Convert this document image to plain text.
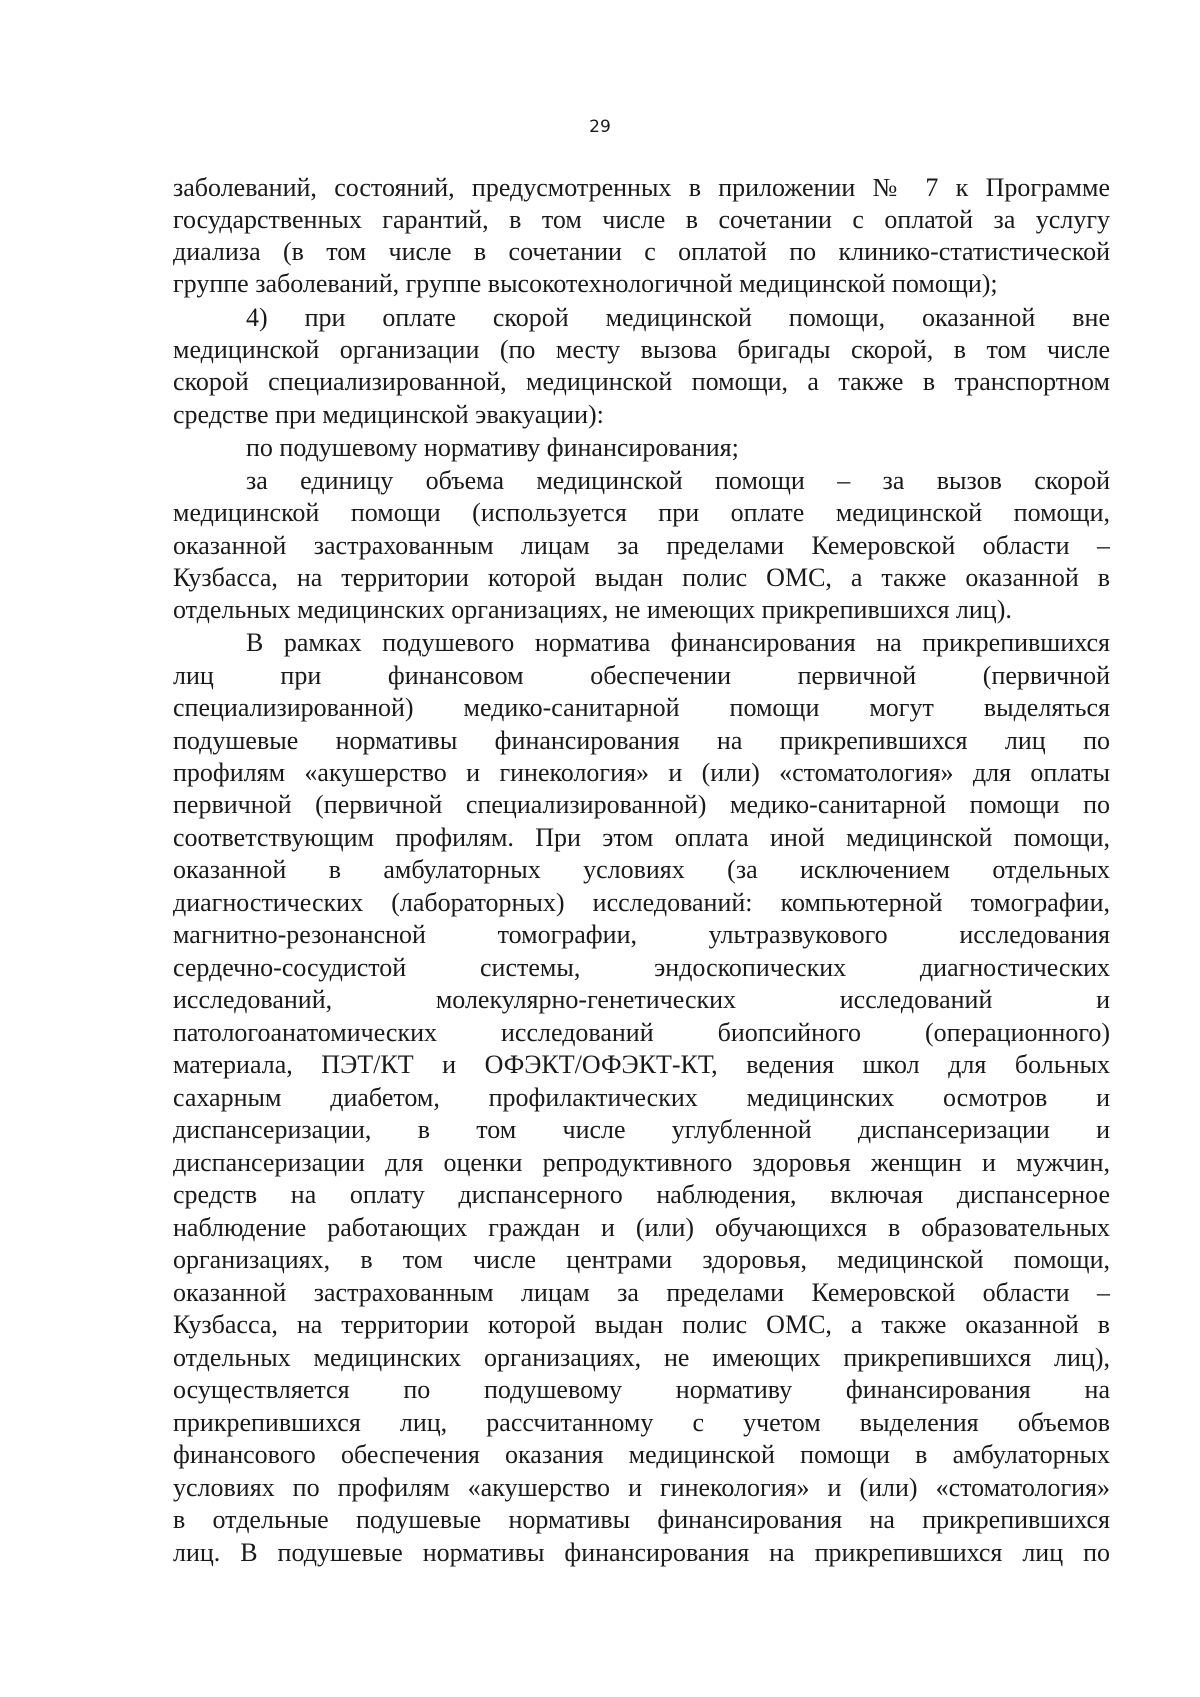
29
заболеваний, состояний, предусмотренных в приложении № 7 к Программе
государственных гарантий, в том числе в сочетании с оплатой за услугу
диализа (в том числе в сочетании с оплатой по клинико-статистической
группе заболеваний, группе высокотехнологичной медицинской помощи);
4) при оплате скорой медицинской помощи, оказанной вне
медицинской организации (по месту вызова бригады скорой, в том числе
скорой специализированной, медицинской помощи, а также в транспортном
средстве при медицинской эвакуации):
по подушевому нормативу финансирования;
за единицу объема медицинской помощи – за вызов скорой
медицинской помощи (используется при оплате медицинской помощи,
оказанной застрахованным лицам за пределами Кемеровской области –
Кузбасса, на территории которой выдан полис ОМС, а также оказанной в
отдельных медицинских организациях, не имеющих прикрепившихся лиц).
В рамках подушевого норматива финансирования на прикрепившихся
лиц при финансовом обеспечении первичной (первичной
специализированной) медико-санитарной помощи могут выделяться
подушевые нормативы финансирования на прикрепившихся лиц по
профилям «акушерство и гинекология» и (или) «стоматология» для оплаты
первичной (первичной специализированной) медико-санитарной помощи по
соответствующим профилям. При этом оплата иной медицинской помощи,
оказанной в амбулаторных условиях (за исключением отдельных
диагностических (лабораторных) исследований: компьютерной томографии,
магнитно-резонансной томографии, ультразвукового исследования
сердечно-сосудистой системы, эндоскопических диагностических
исследований, молекулярно-генетических исследований и
патологоанатомических исследований биопсийного (операционного)
материала, ПЭТ/КТ и ОФЭКТ/ОФЭКТ-КТ, ведения школ для больных
сахарным диабетом, профилактических медицинских осмотров и
диспансеризации, в том числе углубленной диспансеризации и
диспансеризации для оценки репродуктивного здоровья женщин и мужчин,
средств на оплату диспансерного наблюдения, включая диспансерное
наблюдение работающих граждан и (или) обучающихся в образовательных
организациях, в том числе центрами здоровья, медицинской помощи,
оказанной застрахованным лицам за пределами Кемеровской области –
Кузбасса, на территории которой выдан полис ОМС, а также оказанной в
отдельных медицинских организациях, не имеющих прикрепившихся лиц),
осуществляется по подушевому нормативу финансирования на
прикрепившихся лиц, рассчитанному с учетом выделения объемов
финансового обеспечения оказания медицинской помощи в амбулаторных
условиях по профилям «акушерство и гинекология» и (или) «стоматология»
в отдельные подушевые нормативы финансирования на прикрепившихся
лиц. В подушевые нормативы финансирования на прикрепившихся лиц по
